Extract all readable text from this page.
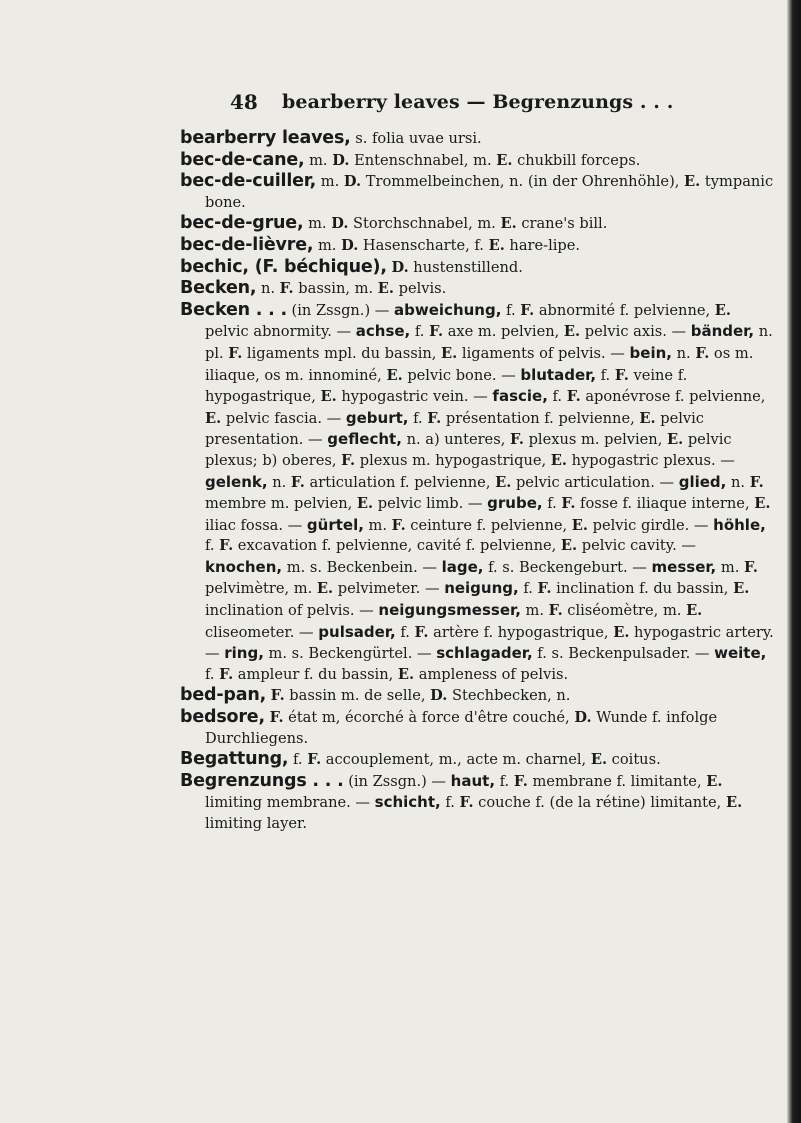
48 bearberry leaves — Begrenzungs . . .
bearberry leaves, s. folia uvae ursi.
bec-de-cane, m. D. Entenschnabel, m. E. chukbill forceps.
bec-de-cuiller, m. D. Trommelbeinchen, n. (in der Ohrenhöhle), E. tympanic bone.
bec-de-grue, m. D. Storchschnabel, m. E. crane's bill.
bec-de-lièvre, m. D. Hasenscharte, f. E. hare-lipe.
bechic, (F. béchique), D. hustenstillend.
Becken, n. F. bassin, m. E. pelvis.
Becken . . . (in Zssgn.) — abweichung, f. F. abnormité f. pelvienne, E. pelvic abnormity. — achse, f. F. axe m. pelvien, E. pelvic axis. — bänder, n. pl. F. ligaments mpl. du bassin, E. ligaments of pelvis. — bein, n. F. os m. iliaque, os m. innominé, E. pelvic bone. — blutader, f. F. veine f. hypogastrique, E. hypogastric vein. — fascie, f. F. aponévrose f. pelvienne, E. pelvic fascia. — geburt, f. F. présentation f. pelvienne, E. pelvic presentation. — geflecht, n. a) unteres, F. plexus m. pelvien, E. pelvic plexus; b) oberes, F. plexus m. hypogastrique, E. hypogastric plexus. — gelenk, n. F. articulation f. pelvienne, E. pelvic articulation. — glied, n. F. membre m. pelvien, E. pelvic limb. — grube, f. F. fosse f. iliaque interne, E. iliac fossa. — gürtel, m. F. ceinture f. pelvienne, E. pelvic girdle. — höhle, f. F. excavation f. pelvienne, cavité f. pelvienne, E. pelvic cavity. — knochen, m. s. Beckenbein. — lage, f. s. Beckengeburt. — messer, m. F. pelvimètre, m. E. pelvimeter. — neigung, f. F. inclination f. du bassin, E. inclination of pelvis. — neigungsmesser, m. F. cliséomètre, m. E. cliseometer. — pulsader, f. F. artère f. hypogastrique, E. hypogastric artery. — ring, m. s. Beckengürtel. — schlagader, f. s. Beckenpulsader. — weite, f. F. ampleur f. du bassin, E. ampleness of pelvis.
bed-pan, F. bassin m. de selle, D. Stechbecken, n.
bedsore, F. état m, écorché à force d'être couché, D. Wunde f. infolge Durchliegens.
Begattung, f. F. accouplement, m., acte m. charnel, E. coitus.
Begrenzungs . . . (in Zssgn.) — haut, f. F. membrane f. limitante, E. limiting membrane. — schicht, f. F. couche f. (de la rétine) limitante, E. limiting layer.
